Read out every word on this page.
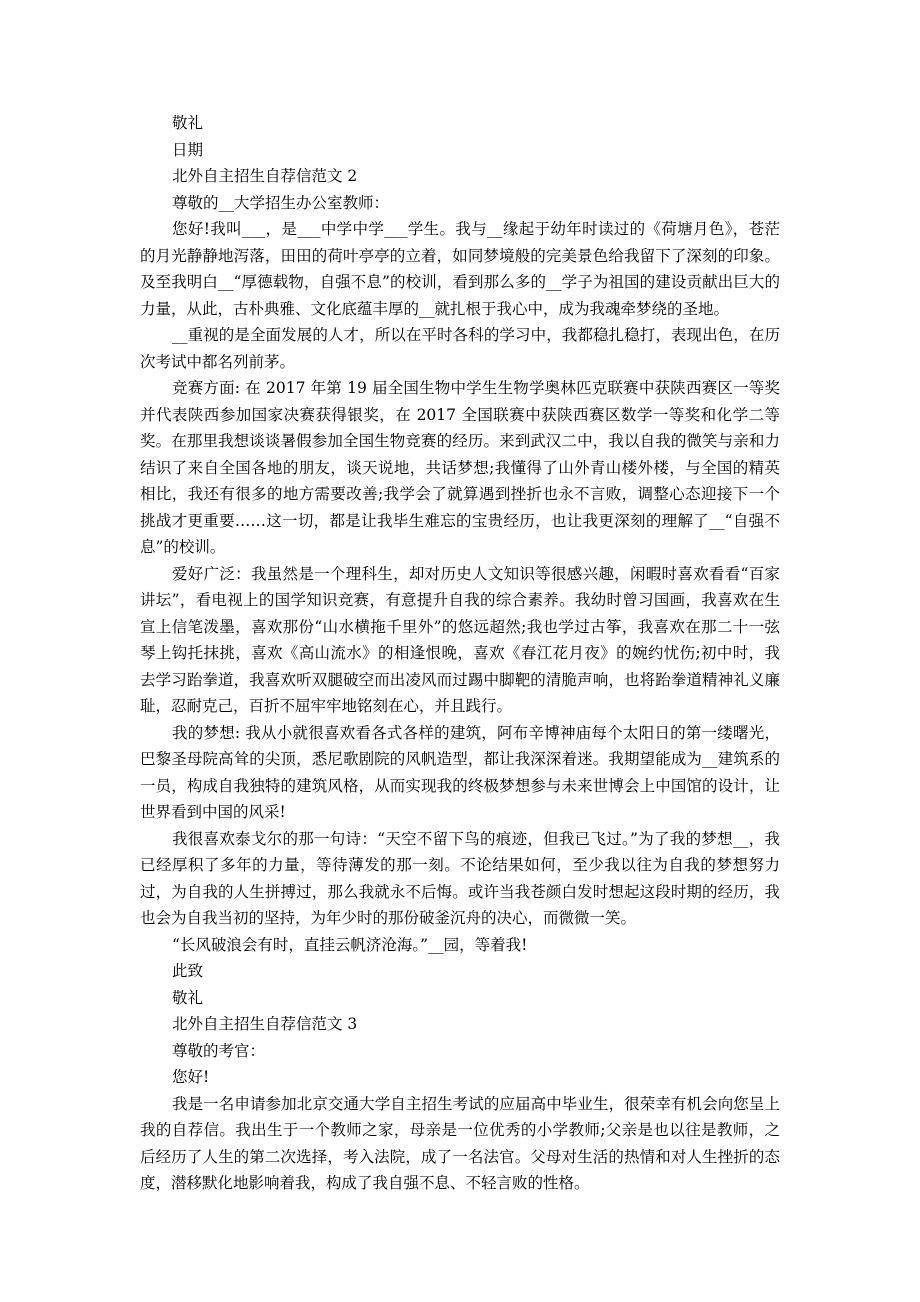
敬礼

日期

北外自主招生自荐信范文 2

尊敬的__大学招生办公室教师：

您好!我叫___，是___中学中学___学生。我与__缘起于幼年时读过的《荷塘月色》，苍茫的月光静静地泻落，田田的荷叶亭亭的立着，如同梦境般的完美景色给我留下了深刻的印象。及至我明白__“厚德载物，自强不息”的校训，看到那么多的__学子为祖国的建设贡献出巨大的力量，从此，古朴典雅、文化底蕴丰厚的__就扎根于我心中，成为我魂牵梦绕的圣地。

__重视的是全面发展的人才，所以在平时各科的学习中，我都稳扎稳打，表现出色，在历次考试中都名列前茅。

竞赛方面: 在 2017 年第 19 届全国生物中学生生物学奥林匹克联赛中获陕西赛区一等奖并代表陕西参加国家决赛获得银奖，在 2017 全国联赛中获陕西赛区数学一等奖和化学二等奖。在那里我想谈谈暑假参加全国生物竞赛的经历。来到武汉二中，我以自我的微笑与亲和力结识了来自全国各地的朋友，谈天说地，共话梦想;我懂得了山外青山楼外楼，与全国的精英相比，我还有很多的地方需要改善;我学会了就算遇到挫折也永不言败，调整心态迎接下一个挑战才更重要……这一切，都是让我毕生难忘的宝贵经历，也让我更深刻的理解了__“自强不息”的校训。

爱好广泛：我虽然是一个理科生，却对历史人文知识等很感兴趣，闲暇时喜欢看看“百家讲坛”，看电视上的国学知识竞赛，有意提升自我的综合素养。我幼时曾习国画，我喜欢在生宣上信笔泼墨，喜欢那份“山水横拖千里外”的悠远超然;我也学过古筝，我喜欢在那二十一弦琴上钩托抹挑，喜欢《高山流水》的相逢恨晚，喜欢《春江花月夜》的婉约忧伤;初中时，我去学习跆拳道，我喜欢听双腿破空而出凌风而过踢中脚靶的清脆声响，也将跆拳道精神礼义廉耻，忍耐克己，百折不屈牢牢地铭刻在心，并且践行。

我的梦想: 我从小就很喜欢看各式各样的建筑，阿布辛博神庙每个太阳日的第一缕曙光，巴黎圣母院高耸的尖顶，悉尼歌剧院的风帆造型，都让我深深着迷。我期望能成为__建筑系的一员，构成自我独特的建筑风格，从而实现我的终极梦想参与未来世博会上中国馆的设计，让世界看到中国的风采!

我很喜欢泰戈尔的那一句诗：“天空不留下鸟的痕迹，但我已飞过。”为了我的梦想__，我已经厚积了多年的力量，等待薄发的那一刻。不论结果如何，至少我以往为自我的梦想努力过，为自我的人生拼搏过，那么我就永不后悔。或许当我苍颜白发时想起这段时期的经历，我也会为自我当初的坚持，为年少时的那份破釜沉舟的决心，而微微一笑。

“长风破浪会有时，直挂云帆济沧海。”__园，等着我!

此致

敬礼

北外自主招生自荐信范文 3

尊敬的考官：

您好!

我是一名申请参加北京交通大学自主招生考试的应届高中毕业生，很荣幸有机会向您呈上我的自荐信。我出生于一个教师之家，母亲是一位优秀的小学教师;父亲是也以往是教师，之后经历了人生的第二次选择，考入法院，成了一名法官。父母对生活的热情和对人生挫折的态度，潜移默化地影响着我，构成了我自强不息、不轻言败的性格。
